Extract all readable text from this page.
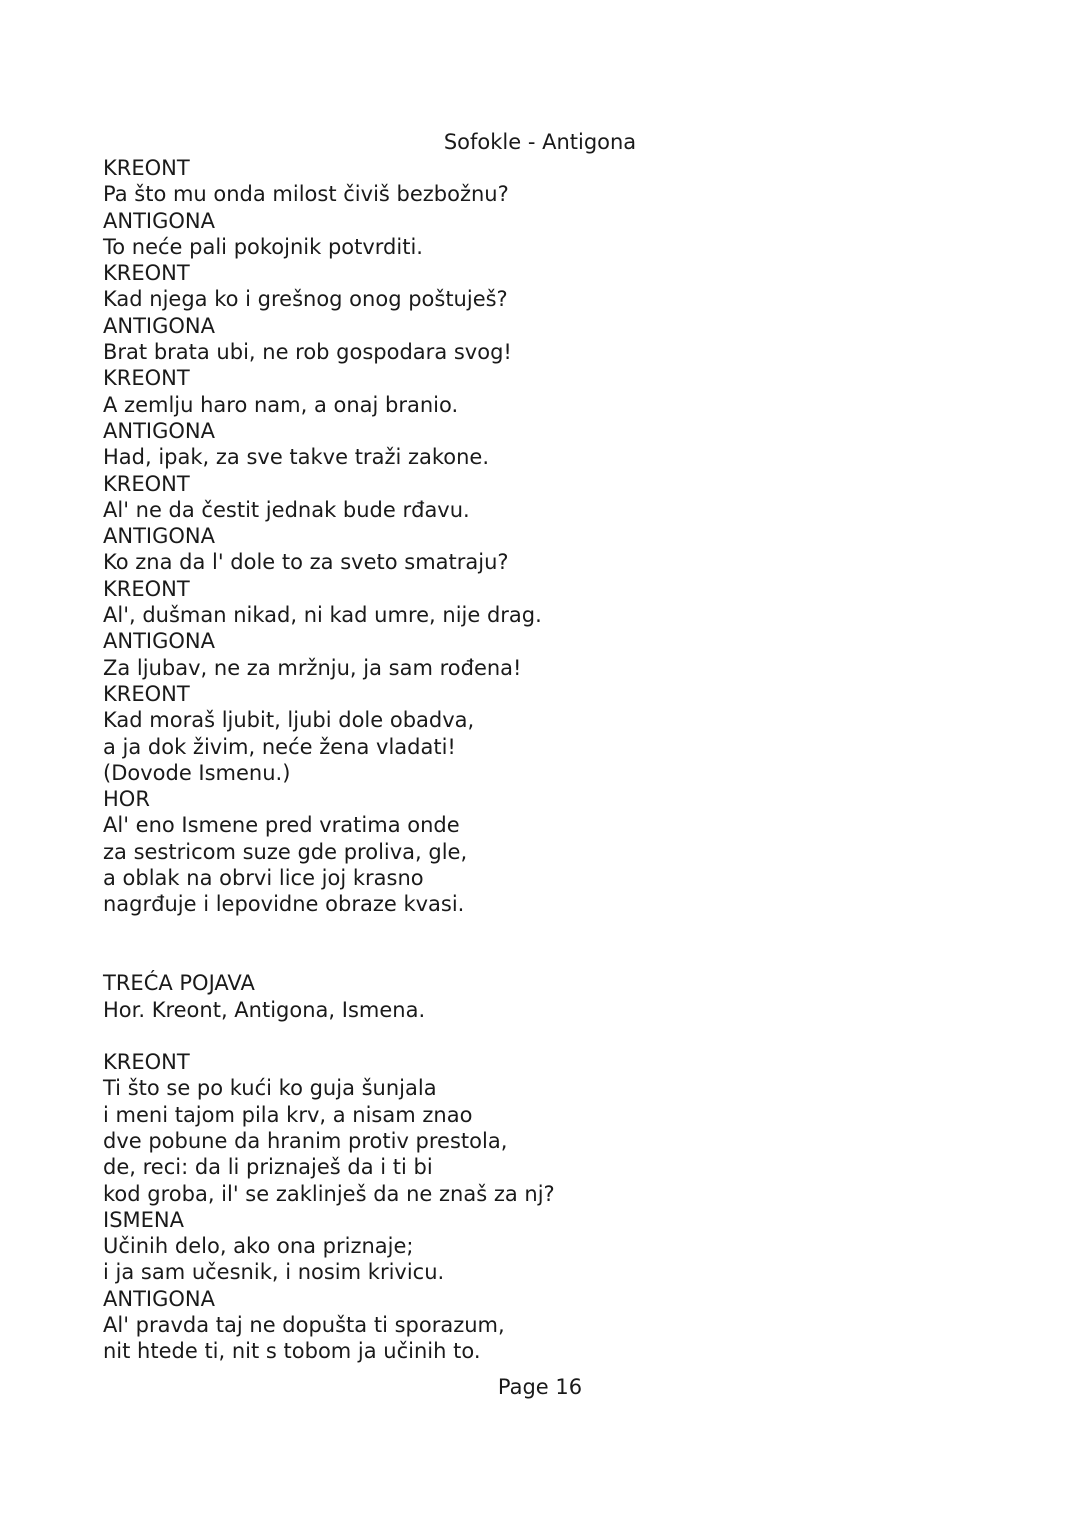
Sofokle - Antigona
KREONT
Pa što mu onda milost čiviš bezbožnu?
ANTIGONA
To neće pali pokojnik potvrditi.
KREONT
Kad njega ko i grešnog onog poštuješ?
ANTIGONA
Brat brata ubi, ne rob gospodara svog!
KREONT
A zemlju haro nam, a onaj branio.
ANTIGONA
Had, ipak, za sve takve traži zakone.
KREONT
Al' ne da čestit jednak bude rđavu.
ANTIGONA
Ko zna da l' dole to za sveto smatraju?
KREONT
Al', dušman nikad, ni kad umre, nije drag.
ANTIGONA
Za ljubav, ne za mržnju, ja sam rođena!
KREONT
Kad moraš ljubit, ljubi dole obadva,
a ja dok živim, neće žena vladati!
(Dovode Ismenu.)
HOR
Al' eno Ismene pred vratima onde
za sestricom suze gde proliva, gle,
a oblak na obrvi lice joj krasno
nagrđuje i lepovidne obraze kvasi.
TREĆA POJAVA
Hor. Kreont, Antigona, Ismena.
KREONT
Ti što se po kući ko guja šunjala
i meni tajom pila krv, a nisam znao
dve pobune da hranim protiv prestola,
de, reci: da li priznaješ da i ti bi
kod groba, il' se zaklinješ da ne znaš za nj?
ISMENA
Učinih delo, ako ona priznaje;
i ja sam učesnik, i nosim krivicu.
ANTIGONA
Al' pravda taj ne dopušta ti sporazum,
nit htede ti, nit s tobom ja učinih to.
Page 16
